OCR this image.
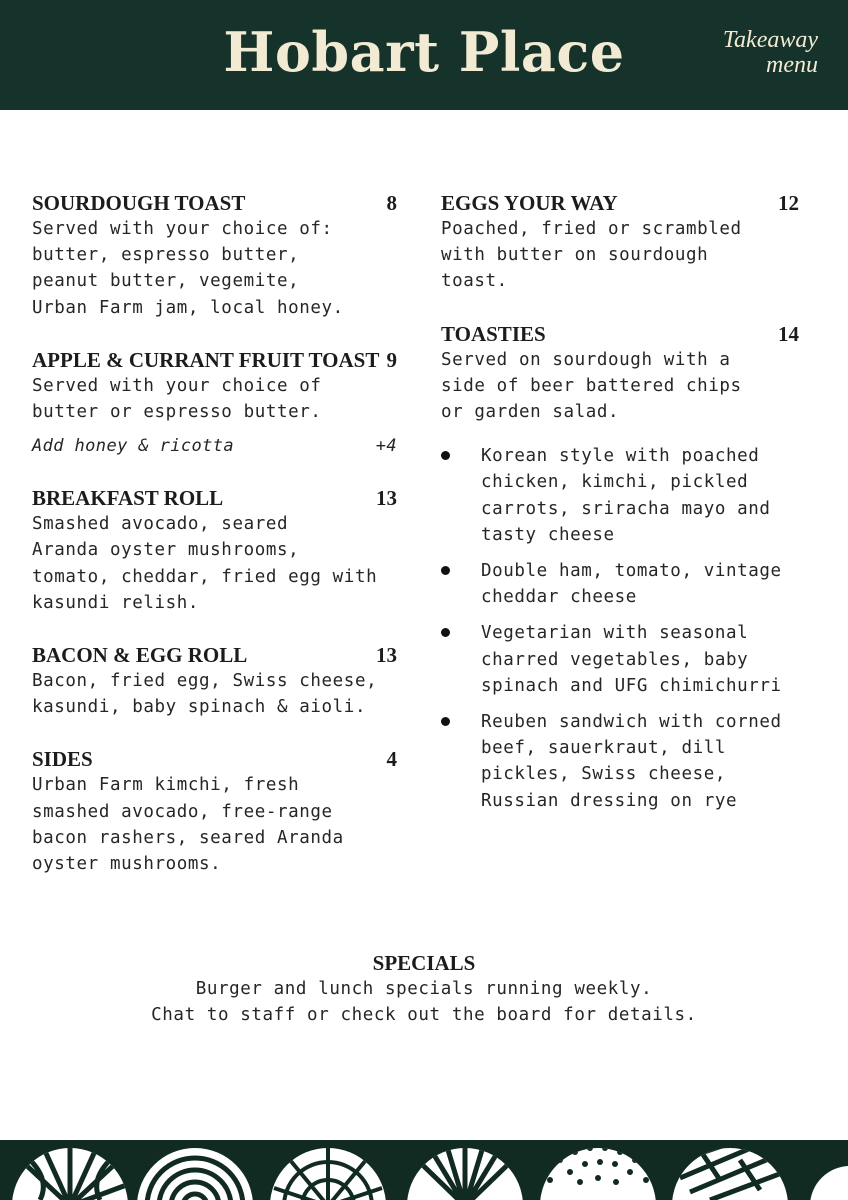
Hobart Place	Takeaway
menu
SOURDOUGH TOAST	8

Served with your choice of:
butter, espresso butter,
peanut butter, vegemite,
Urban Farm jam, local honey.

APPLE & CURRANT FRUIT TOAST 9

Served with your choice of
butter or espresso butter.

Add honey & ricotta	+4
BREAKFAST ROLL	13

Smashed avocado, seared
Aranda oyster mushrooms,
tomato, cheddar, fried egg with
kasundi relish.

BACON & EGG ROLL	13

Bacon, fried egg, Swiss cheese,
kasundi, baby spinach & aioli.

SIDES	4

Urban Farm kimchi, fresh
smashed avocado, free-range
bacon rashers, seared Aranda
oyster mushrooms.

EGGS YOUR WAY	12

Poached, fried or scrambled
with butter on sourdough
toast.

TOASTIES	14

Served on sourdough with a
side of beer battered chips
or garden salad.

Korean style with poached
chicken, kimchi, pickled
carrots, sriracha mayo and
tasty cheese
Double ham, tomato, vintage
cheddar cheese
Vegetarian with seasonal
charred vegetables, baby
spinach and UFG chimichurri
Reuben sandwich with corned
beef, sauerkraut, dill
pickles, Swiss cheese,
Russian dressing on rye
SPECIALS
Burger and lunch specials running weekly.
Chat to staff or check out the board for details.
